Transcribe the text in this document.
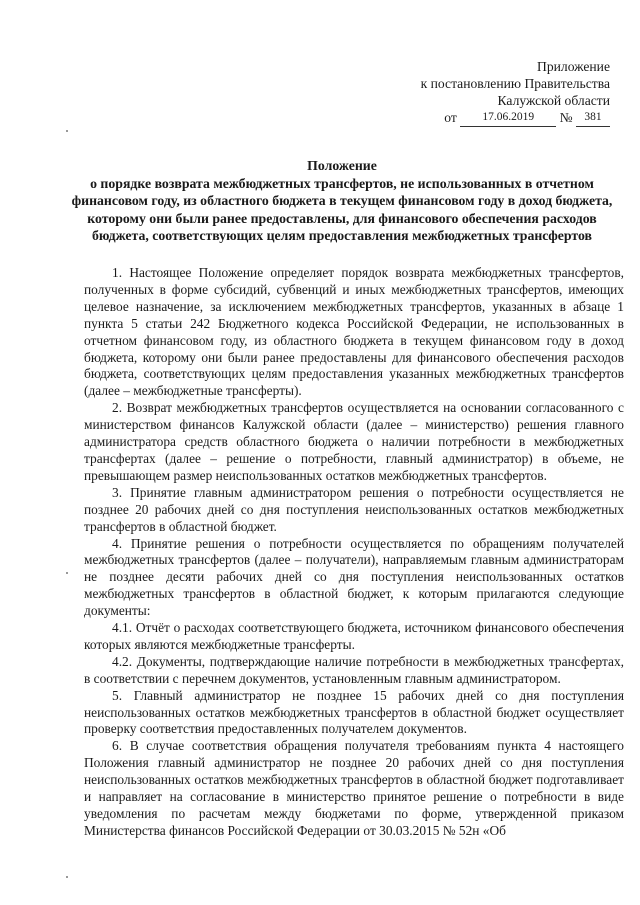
Приложение
к постановлению Правительства
Калужской области
от 17.06.2019 № 381
Положение
о порядке возврата межбюджетных трансфертов, не использованных в отчетном финансовом году, из областного бюджета в текущем финансовом году в доход бюджета, которому они были ранее предоставлены, для финансового обеспечения расходов бюджета, соответствующих целям предоставления межбюджетных трансфертов

1. Настоящее Положение определяет порядок возврата межбюджетных трансфертов, полученных в форме субсидий, субвенций и иных межбюджетных трансфертов, имеющих целевое назначение, за исключением межбюджетных трансфертов, указанных в абзаце 1 пункта 5 статьи 242 Бюджетного кодекса Российской Федерации, не использованных в отчетном финансовом году, из областного бюджета в текущем финансовом году в доход бюджета, которому они были ранее предоставлены для финансового обеспечения расходов бюджета, соответствующих целям предоставления указанных межбюджетных трансфертов (далее – межбюджетные трансферты).

2. Возврат межбюджетных трансфертов осуществляется на основании согласованного с министерством финансов Калужской области (далее – министерство) решения главного администратора средств областного бюджета о наличии потребности в межбюджетных трансфертах (далее – решение о потребности, главный администратор) в объеме, не превышающем размер неиспользованных остатков межбюджетных трансфертов.

3. Принятие главным администратором решения о потребности осуществляется не позднее 20 рабочих дней со дня поступления неиспользованных остатков межбюджетных трансфертов в областной бюджет.

4. Принятие решения о потребности осуществляется по обращениям получателей межбюджетных трансфертов (далее – получатели), направляемым главным администраторам не позднее десяти рабочих дней со дня поступления неиспользованных остатков межбюджетных трансфертов в областной бюджет, к которым прилагаются следующие документы:

4.1. Отчёт о расходах соответствующего бюджета, источником финансового обеспечения которых являются межбюджетные трансферты.

4.2. Документы, подтверждающие наличие потребности в межбюджетных трансфертах, в соответствии с перечнем документов, установленным главным администратором.

5. Главный администратор не позднее 15 рабочих дней со дня поступления неиспользованных остатков межбюджетных трансфертов в областной бюджет осуществляет проверку соответствия предоставленных получателем документов.

6. В случае соответствия обращения получателя требованиям пункта 4 настоящего Положения главный администратор не позднее 20 рабочих дней со дня поступления неиспользованных остатков межбюджетных трансфертов в областной бюджет подготавливает и направляет на согласование в министерство принятое решение о потребности в виде уведомления по расчетам между бюджетами по форме, утвержденной приказом Министерства финансов Российской Федерации от 30.03.2015 № 52н «Об
